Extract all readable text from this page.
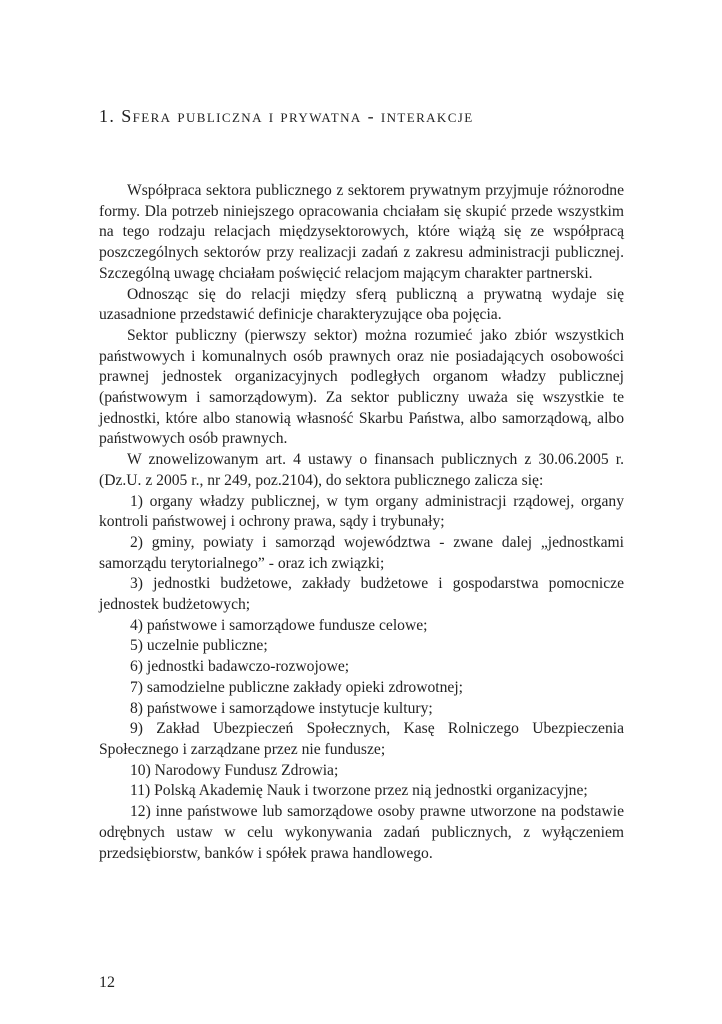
1. Sfera publiczna i prywatna - interakcje

Współpraca sektora publicznego z sektorem prywatnym przyjmuje różnorodne formy. Dla potrzeb niniejszego opracowania chciałam się skupić przede wszystkim na tego rodzaju relacjach międzysektorowych, które wiążą się ze współpracą poszczególnych sektorów przy realizacji zadań z zakresu administracji publicznej. Szczególną uwagę chciałam poświęcić relacjom mającym charakter partnerski.

Odnosząc się do relacji między sferą publiczną a prywatną wydaje się uzasadnione przedstawić definicje charakteryzujące oba pojęcia.

Sektor publiczny (pierwszy sektor) można rozumieć jako zbiór wszystkich państwowych i komunalnych osób prawnych oraz nie posiadających osobowości prawnej jednostek organizacyjnych podległych organom władzy publicznej (państwowym i samorządowym). Za sektor publiczny uważa się wszystkie te jednostki, które albo stanowią własność Skarbu Państwa, albo samorządową, albo państwowych osób prawnych.

W znowelizowanym art. 4 ustawy o finansach publicznych z 30.06.2005 r. (Dz.U. z 2005 r., nr 249, poz.2104), do sektora publicznego zalicza się:

1) organy władzy publicznej, w tym organy administracji rządowej, organy kontroli państwowej i ochrony prawa, sądy i trybunały;

2) gminy, powiaty i samorząd województwa - zwane dalej „jednostkami samorządu terytorialnego” - oraz ich związki;

3) jednostki budżetowe, zakłady budżetowe i gospodarstwa pomocnicze jednostek budżetowych;

4) państwowe i samorządowe fundusze celowe;

5) uczelnie publiczne;

6) jednostki badawczo-rozwojowe;

7) samodzielne publiczne zakłady opieki zdrowotnej;

8) państwowe i samorządowe instytucje kultury;

9) Zakład Ubezpieczeń Społecznych, Kasę Rolniczego Ubezpieczenia Społecznego i zarządzane przez nie fundusze;

10) Narodowy Fundusz Zdrowia;

11) Polską Akademię Nauk i tworzone przez nią jednostki organizacyjne;

12) inne państwowe lub samorządowe osoby prawne utworzone na podstawie odrębnych ustaw w celu wykonywania zadań publicznych, z wyłączeniem przedsiębiorstw, banków i spółek prawa handlowego.

12
